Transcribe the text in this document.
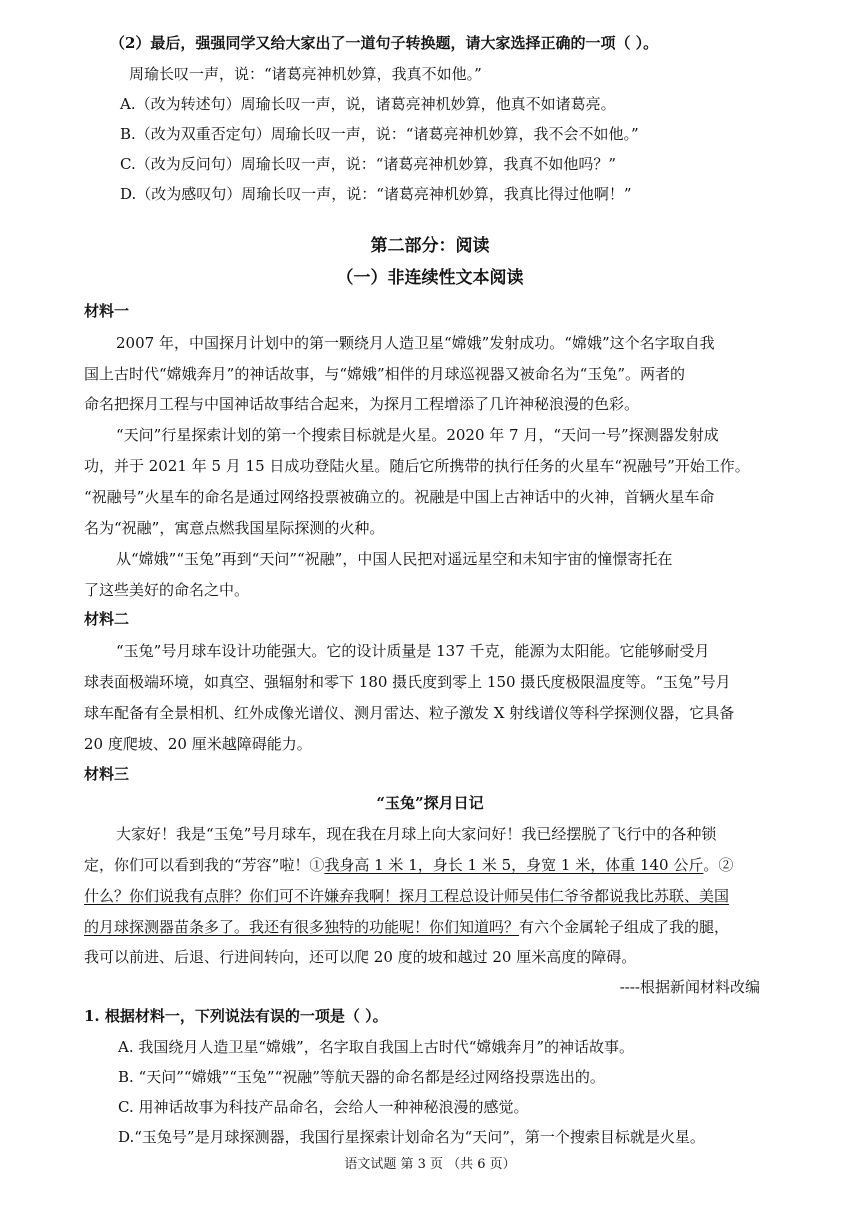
（2）最后，强强同学又给大家出了一道句子转换题，请大家选择正确的一项（ ）。
周瑜长叹一声，说：“诸葛亮神机妙算，我真不如他。”
A.（改为转述句）周瑜长叹一声，说，诸葛亮神机妙算，他真不如诸葛亮。
B.（改为双重否定句）周瑜长叹一声，说：“诸葛亮神机妙算，我不会不如他。”
C.（改为反问句）周瑜长叹一声，说：“诸葛亮神机妙算，我真不如他吗？”
D.（改为感叹句）周瑜长叹一声，说：“诸葛亮神机妙算，我真比得过他啊！”
第二部分：阅读
（一）非连续性文本阅读
材料一
2007 年，中国探月计划中的第一颗绕月人造卫星“嫦娥”发射成功。“嫦娥”这个名字取自我
国上古时代“嫦娥奔月”的神话故事，与“嫦娥”相伴的月球巡视器又被命名为“玉兔”。两者的
命名把探月工程与中国神话故事结合起来，为探月工程增添了几许神秘浪漫的色彩。
“天问”行星探索计划的第一个搜索目标就是火星。2020 年 7 月，“天问一号”探测器发射成
功，并于 2021 年 5 月 15 日成功登陆火星。随后它所携带的执行任务的火星车“祝融号”开始工作。
“祝融号”火星车的命名是通过网络投票被确立的。祝融是中国上古神话中的火神，首辆火星车命
名为“祝融”，寓意点燃我国星际探测的火种。
从“嫦娥”“玉兔”再到“天问”“祝融”，中国人民把对遥远星空和未知宇宙的憧憬寄托在
了这些美好的命名之中。
材料二
“玉兔”号月球车设计功能强大。它的设计质量是 137 千克，能源为太阳能。它能够耐受月
球表面极端环境，如真空、强辐射和零下 180 摄氏度到零上 150 摄氏度极限温度等。“玉兔”号月
球车配备有全景相机、红外成像光谱仪、测月雷达、粒子激发 X 射线谱仪等科学探测仪器，它具备
20 度爬坡、20 厘米越障碍能力。
材料三
“玉兔”探月日记
大家好！我是“玉兔”号月球车，现在我在月球上向大家问好！我已经摆脱了飞行中的各种锁
定，你们可以看到我的“芳容”啦！①我身高 1 米 1，身长 1 米 5，身宽 1 米，体重 140 公斤。②
什么？你们说我有点胖？你们可不许嫌弃我啊！探月工程总设计师吴伟仁爷爷都说我比苏联、美国
的月球探测器苗条多了。我还有很多独特的功能呢！你们知道吗？有六个金属轮子组成了我的腿，
我可以前进、后退、行进间转向，还可以爬 20 度的坡和越过 20 厘米高度的障碍。
----根据新闻材料改编
1. 根据材料一，下列说法有误的一项是（ ）。
A. 我国绕月人造卫星“嫦娥”，名字取自我国上古时代“嫦娥奔月”的神话故事。
B. “天问”“嫦娥”“玉兔”“祝融”等航天器的命名都是经过网络投票选出的。
C. 用神话故事为科技产品命名，会给人一种神秘浪漫的感觉。
D.“玉兔号”是月球探测器，我国行星探索计划命名为“天问”，第一个搜索目标就是火星。
语文试题 第 3 页 （共 6 页）
